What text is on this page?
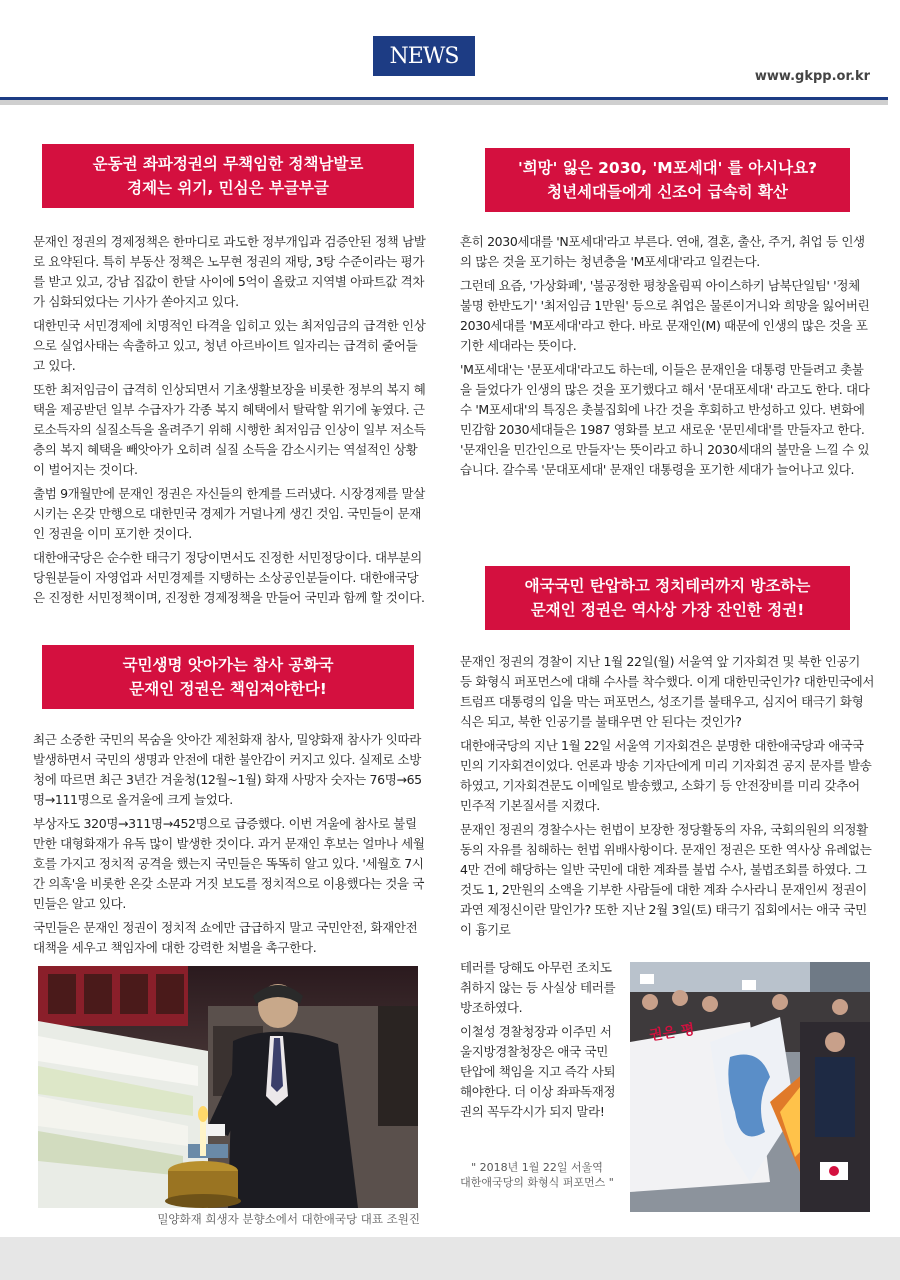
NEWS
www.gkpp.or.kr
운동권 좌파정권의 무책임한 정책남발로
경제는 위기, 민심은 부글부글

문재인 정권의 경제정책은 한마디로 과도한 정부개입과 검증안된 정책 남발로 요약된다. 특히 부동산 정책은 노무현 정권의 재탕, 3탕 수준이라는 평가를 받고 있고, 강남 집값이 한달 사이에 5억이 올랐고 지역별 아파트값 격차가 심화되었다는 기사가 쏟아지고 있다.

대한민국 서민경제에 치명적인 타격을 입히고 있는 최저임금의 급격한 인상으로 실업사태는 속출하고 있고, 청년 아르바이트 일자리는 급격히 줄어들고 있다.

또한 최저임금이 급격히 인상되면서 기초생활보장을 비롯한 정부의 복지 혜택을 제공받던 일부 수급자가 각종 복지 혜택에서 탈락할 위기에 놓였다. 근로소득자의 실질소득을 올려주기 위해 시행한 최저임금 인상이 일부 저소득층의 복지 혜택을 빼앗아가 오히려 실질 소득을 감소시키는 역설적인 상황이 벌어지는 것이다.

출범 9개월만에 문재인 정권은 자신들의 한계를 드러냈다. 시장경제를 말살시키는 온갖 만행으로 대한민국 경제가 거덜나게 생긴 것임. 국민들이 문재인 정권을 이미 포기한 것이다.

대한애국당은 순수한 태극기 정당이면서도 진정한 서민정당이다. 대부분의 당원분들이 자영업과 서민경제를 지탱하는 소상공인분들이다. 대한애국당은 진정한 서민정책이며, 진정한 경제정책을 만들어 국민과 함께 할 것이다.

국민생명 앗아가는 참사 공화국
문재인 정권은 책임져야한다!

최근 소중한 국민의 목숨을 앗아간 제천화재 참사, 밀양화재 참사가 잇따라 발생하면서 국민의 생명과 안전에 대한 불안감이 커지고 있다. 실제로 소방청에 따르면 최근 3년간 겨울청(12월~1월) 화재 사망자 숫자는 76명→65명→111명으로 올겨울에 크게 늘었다.

부상자도 320명→311명→452명으로 급증했다. 이번 겨울에 참사로 불릴 만한 대형화재가 유독 많이 발생한 것이다. 과거 문재인 후보는 얼마나 세월호를 가지고 정치적 공격을 했는지 국민들은 똑똑히 알고 있다. '세월호 7시간 의혹'을 비롯한 온갖 소문과 거짓 보도를 정치적으로 이용했다는 것을 국민들은 알고 있다.

국민들은 문재인 정권이 정치적 쇼에만 급급하지 말고 국민안전, 화재안전 대책을 세우고 책임자에 대한 강력한 처벌을 촉구한다.

밀양화재 희생자 분향소에서 대한애국당 대표 조원진
'희망' 잃은 2030, 'M포세대' 를 아시나요?
청년세대들에게 신조어 급속히 확산

흔히 2030세대를 'N포세대'라고 부른다. 연애, 결혼, 출산, 주거, 취업 등 인생의 많은 것을 포기하는 청년층을 'M포세대'라고 일컫는다.

그런데 요즘, '가상화폐', '불공정한 평창올림픽 아이스하키 남북단일팀' '정체불명 한반도기' '최저임금 1만원' 등으로 취업은 물론이거니와 희망을 잃어버린 2030세대를 'M포세대'라고 한다. 바로 문재인(M) 때문에 인생의 많은 것을 포기한 세대라는 뜻이다.

'M포세대'는 '문포세대'라고도 하는데, 이들은 문재인을 대통령 만들려고 촛불을 들었다가 인생의 많은 것을 포기했다고 해서 '문대포세대' 라고도 한다. 대다수 'M포세대'의 특징은 촛불집회에 나간 것을 후회하고 반성하고 있다. 변화에 민감함 2030세대들은 1987 영화를 보고 새로운 '문민세대'를 만들자고 한다. '문재인을 민간인으로 만들자'는 뜻이라고 하니 2030세대의 불만을 느낄 수 있습니다. 갈수록 '문대포세대' 문재인 대통령을 포기한 세대가 늘어나고 있다.

애국국민 탄압하고 정치테러까지 방조하는
문재인 정권은 역사상 가장 잔인한 정권!

문재인 정권의 경찰이 지난 1월 22일(월) 서울역 앞 기자회견 및 북한 인공기 등 화형식 퍼포먼스에 대해 수사를 착수했다. 이게 대한민국인가? 대한민국에서 트럼프 대통령의 입을 막는 퍼포먼스, 성조기를 불태우고, 심지어 태극기 화형식은 되고, 북한 인공기를 불태우면 안 된다는 것인가?

대한애국당의 지난 1월 22일 서울역 기자회견은 분명한 대한애국당과 애국국민의 기자회견이었다. 언론과 방송 기자단에게 미리 기자회견 공지 문자를 발송하였고, 기자회견문도 이메일로 발송했고, 소화기 등 안전장비를 미리 갖추어 민주적 기본질서를 지켰다.

문재인 정권의 경찰수사는 헌법이 보장한 정당활동의 자유, 국회의원의 의정활동의 자유를 침해하는 헌법 위배사항이다. 문재인 정권은 또한 역사상 유례없는 4만 건에 해당하는 일반 국민에 대한 계좌를 불법 수사, 불법조회를 하였다. 그것도 1, 2만원의 소액을 기부한 사람들에 대한 계좌 수사라니 문재인씨 정권이 과연 제정신이란 말인가? 또한 지난 2월 3일(토) 태극기 집회에서는 애국 국민이 흉기로

테러를 당해도 아무런 조치도 취하지 않는 등 사실상 테러를 방조하였다.

이철성 경찰청장과 이주민 서울지방경찰청장은 애국 국민 탄압에 책임을 지고 즉각 사퇴해야한다. 더 이상 좌파독재정권의 꼭두각시가 되지 말라!

권은 평
" 2018년 1월 22일 서울역
대한애국당의 화형식 퍼포먼스 "
